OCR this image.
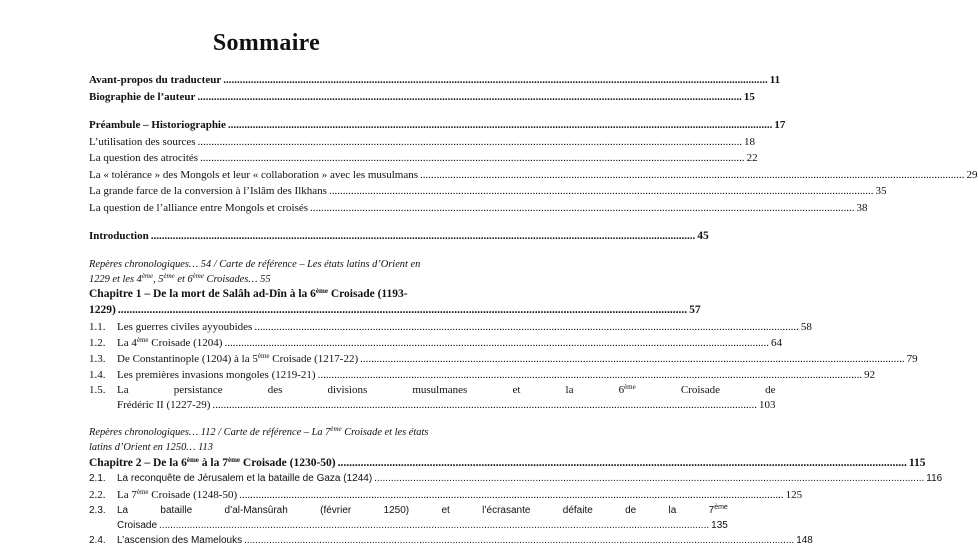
Sommaire
Avant-propos du traducteur .....	11
Biographie de l’auteur .....	15
Préambule – Historiographie .....	17
L’utilisation des sources .....	18
La question des atrocités .....	22
La « tolérance » des Mongols et leur « collaboration » avec les musulmans .....	29
La grande farce de la conversion à l’Islâm des Ilkhans .....	35
La question de l’alliance entre Mongols et croisés .....	38
Introduction .....	45
Repères chronologiques… 54 / Carte de référence – Les états latins d’Orient en 1229 et les 4ème, 5ème et 6ème Croisades… 55
Chapitre 1 – De la mort de Salâh ad-Dîn à la 6ème Croisade (1193-
1229) .....	57
1.1.	Les guerres civiles ayyoubides .....	58
1.2.	La 4ème Croisade (1204) .....	64
1.3.	De Constantinople (1204) à la 5ème Croisade (1217-22) .....	79
1.4.	Les premières invasions mongoles (1219-21) .....	92
1.5.	La persistance des divisions musulmanes et la 6ème Croisade de
Frédéric II (1227-29) .....	103
Repères chronologiques… 112 / Carte de référence – La 7ème Croisade et les états latins d’Orient en 1250… 113
Chapitre 2 – De la 6ème à la 7ème Croisade (1230-50) .....	115
2.1.	La reconquête de Jérusalem et la bataille de Gaza (1244) .....	116
2.2.	La 7ème Croisade (1248-50) .....	125
2.3.	La bataille d’al-Mansûrah (février 1250) et l’écrasante défaite de la 7ème
Croisade .....	135
2.4.	L’ascension des Mamelouks .....	148
